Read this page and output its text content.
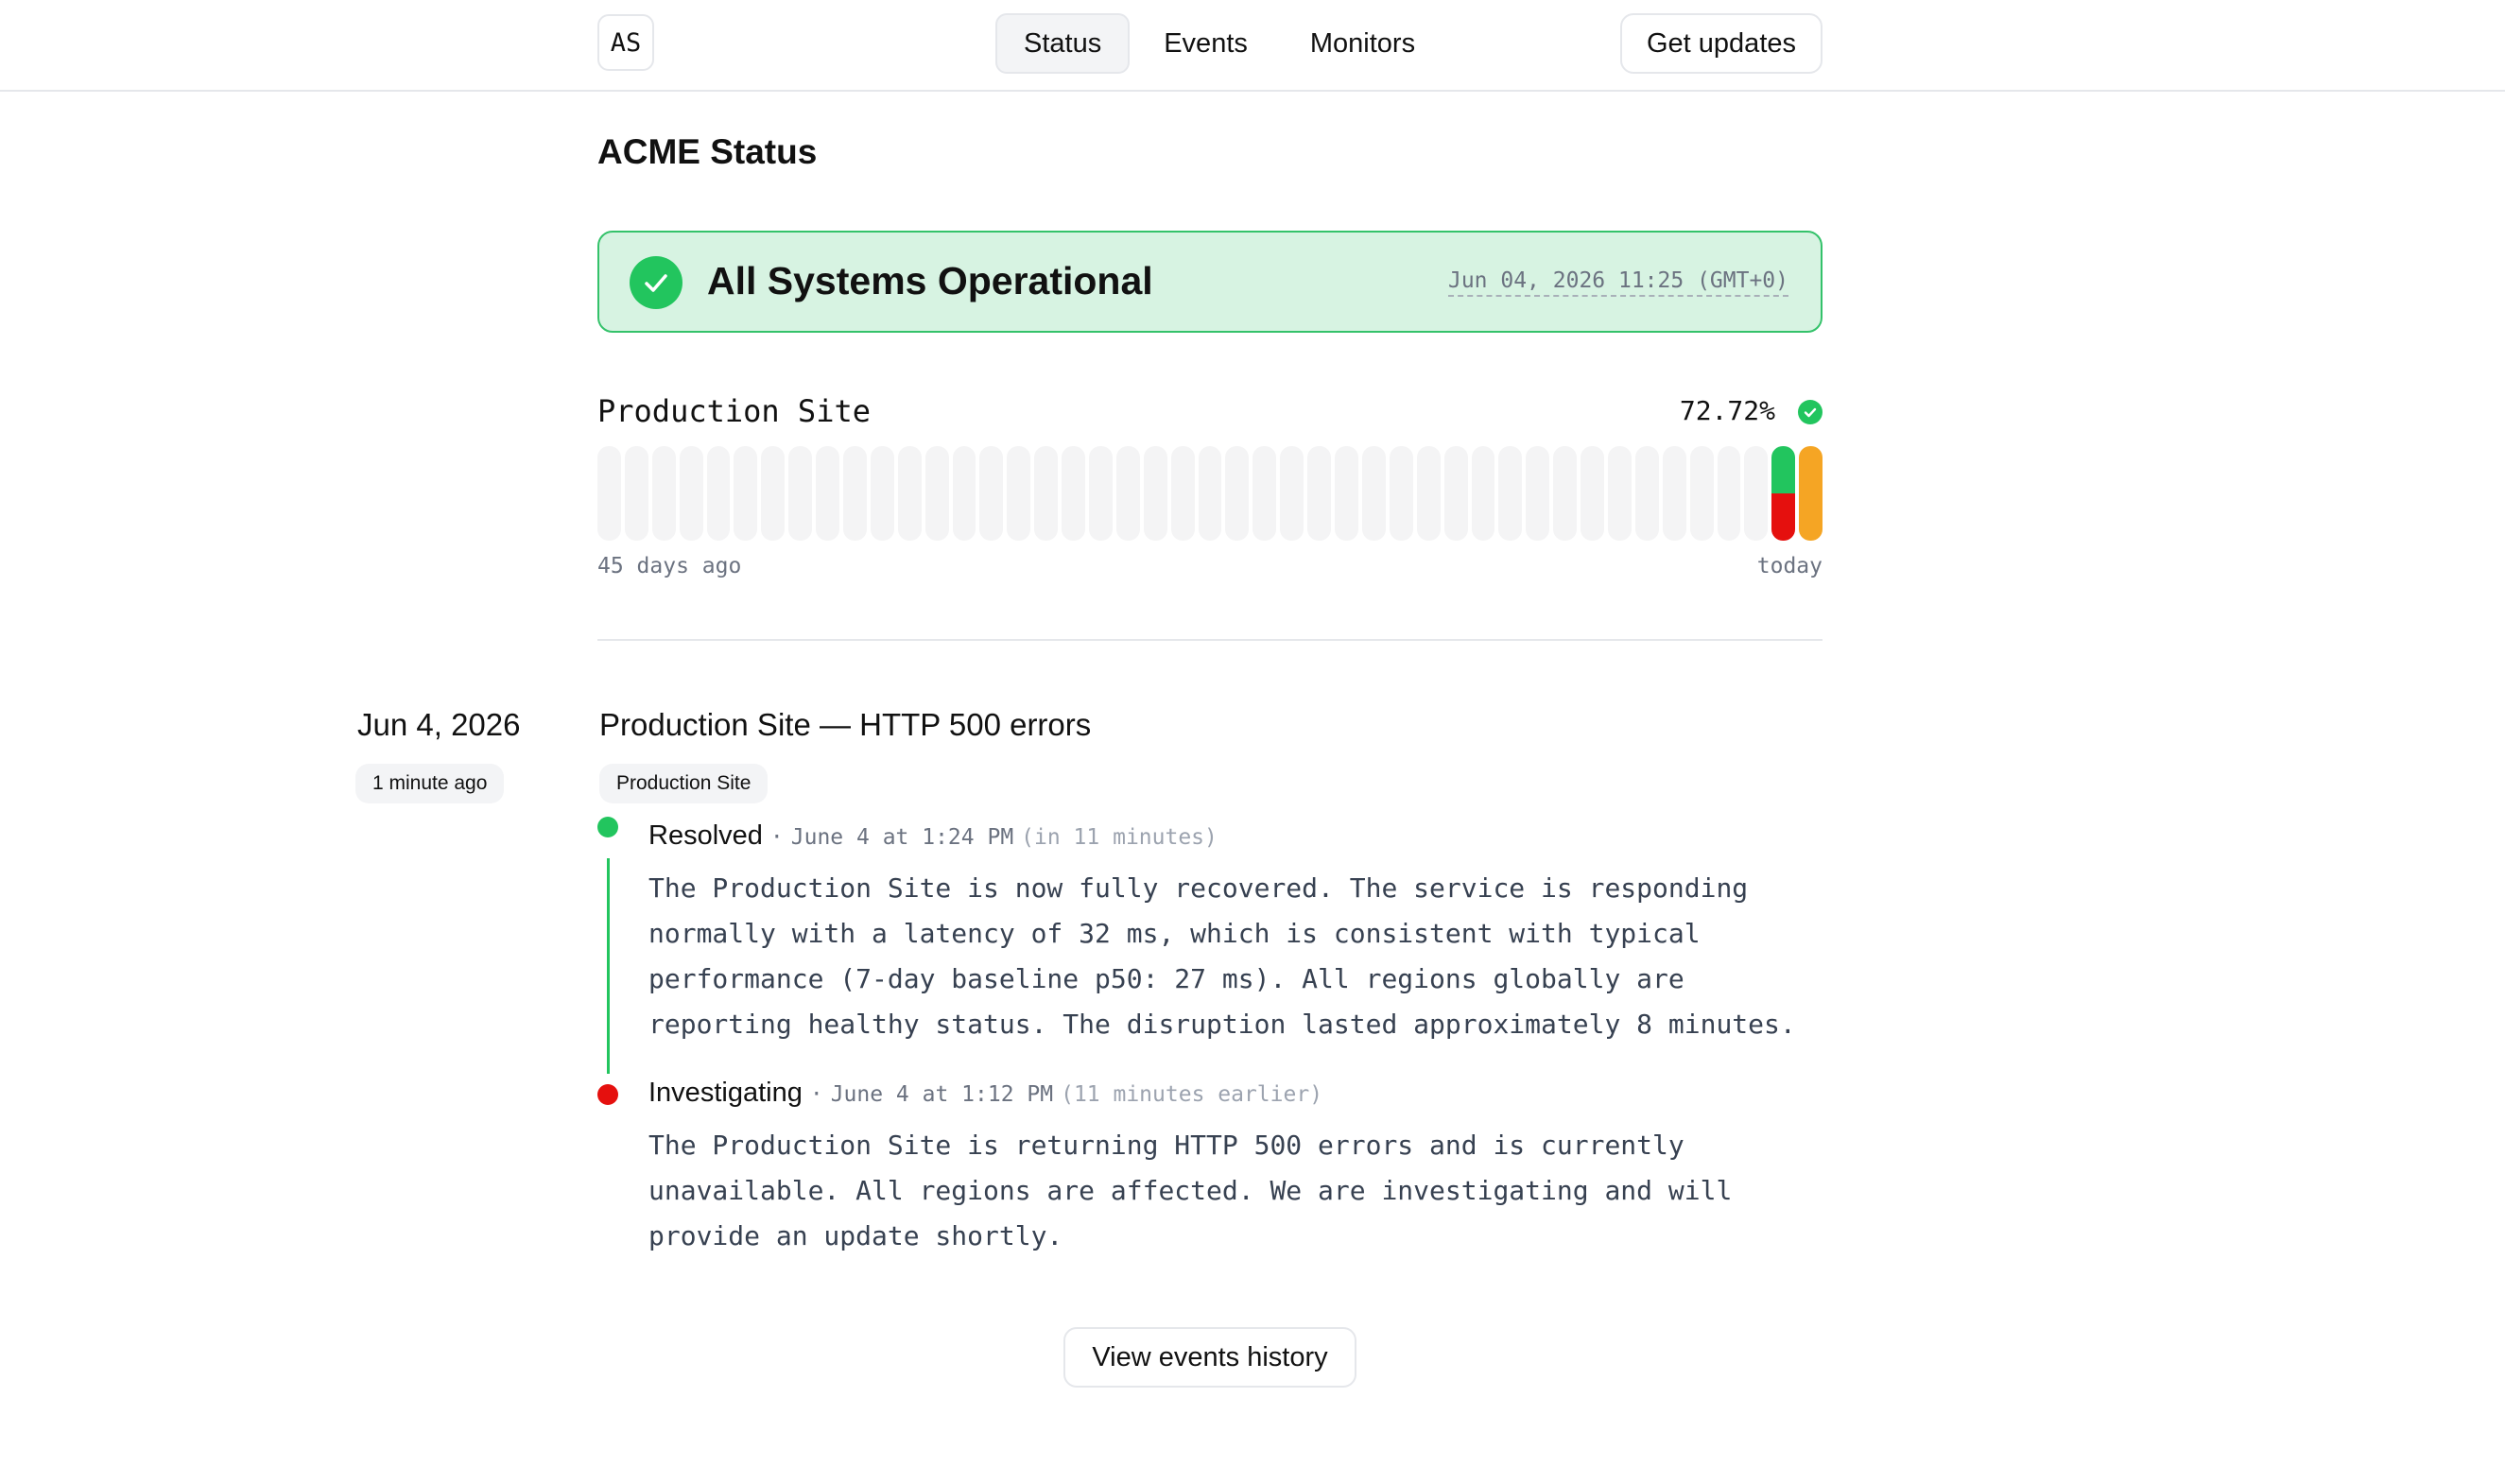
AS	Status	Events	Monitors	Get updates
ACME Status
All Systems Operational	Jun 04, 2026 11:25 (GMT+0)
Production Site	72.72%
45 days ago	today
Jun 4, 2026
1 minute ago
Production Site — HTTP 500 errors
Production Site
Resolved · June 4 at 1:24 PM (in 11 minutes)
The Production Site is now fully recovered. The service is responding normally with a latency of 32 ms, which is consistent with typical performance (7-day baseline p50: 27 ms). All regions globally are reporting healthy status. The disruption lasted approximately 8 minutes.
Investigating · June 4 at 1:12 PM (11 minutes earlier)
The Production Site is returning HTTP 500 errors and is currently unavailable. All regions are affected. We are investigating and will provide an update shortly.
View events history
